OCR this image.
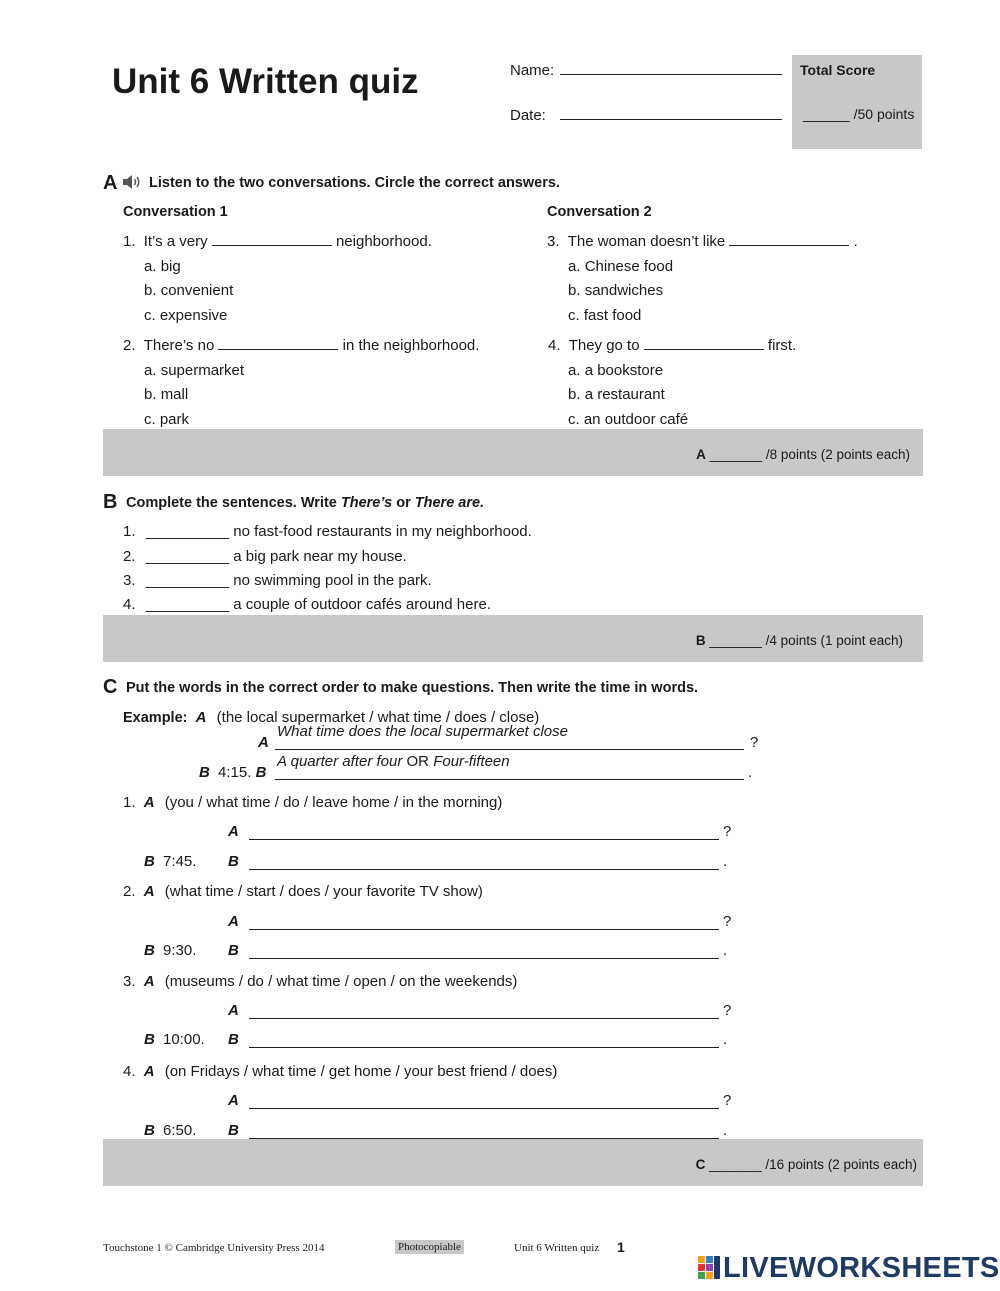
Unit 6 Written quiz	Name:
Date:
Total Score
______ /50 points
A Listen to the two conversations. Circle the correct answers.
Conversation 1	Conversation 2
1. It’s a very	neighborhood.
a. big
b. convenient
c. expensive
2. There’s no	in the neighborhood.
a. supermarket
b. mall
c. park
3. The woman doesn’t like	.
a. Chinese food
b. sandwiches
c. fast food
4. They go to	first.
a. a bookstore
b. a restaurant
c. an outdoor café
A _______ /8 points (2 points each)
B Complete the sentences. Write There’s or There are.
1. __________ no fast-food restaurants in my neighborhood.
2. __________ a big park near my house.
3. __________ no swimming pool in the park.
4. __________ a couple of outdoor cafés around here.
B _______ /4 points (1 point each)
C Put the words in the correct order to make questions. Then write the time in words.
Example: A (the local supermarket / what time / does / close)
What time does the local supermarket close
A	?
A quarter after four OR Four-fifteen
B 4:15. B	.
1. A (you / what time / do / leave home / in the morning)
A	?
B 7:45. B	.
2. A (what time / start / does / your favorite TV show)
A	?
B 9:30. B	.
3. A (museums / do / what time / open / on the weekends)
A	?
B 10:00. B	.
4. A (on Fridays / what time / get home / your best friend / does)
A	?
B 6:50. B	.
C _______ /16 points (2 points each)
Touchstone 1 © Cambridge University Press 2014	Photocopiable	Unit 6 Written quiz 1
LIVEWORKSHEETS
